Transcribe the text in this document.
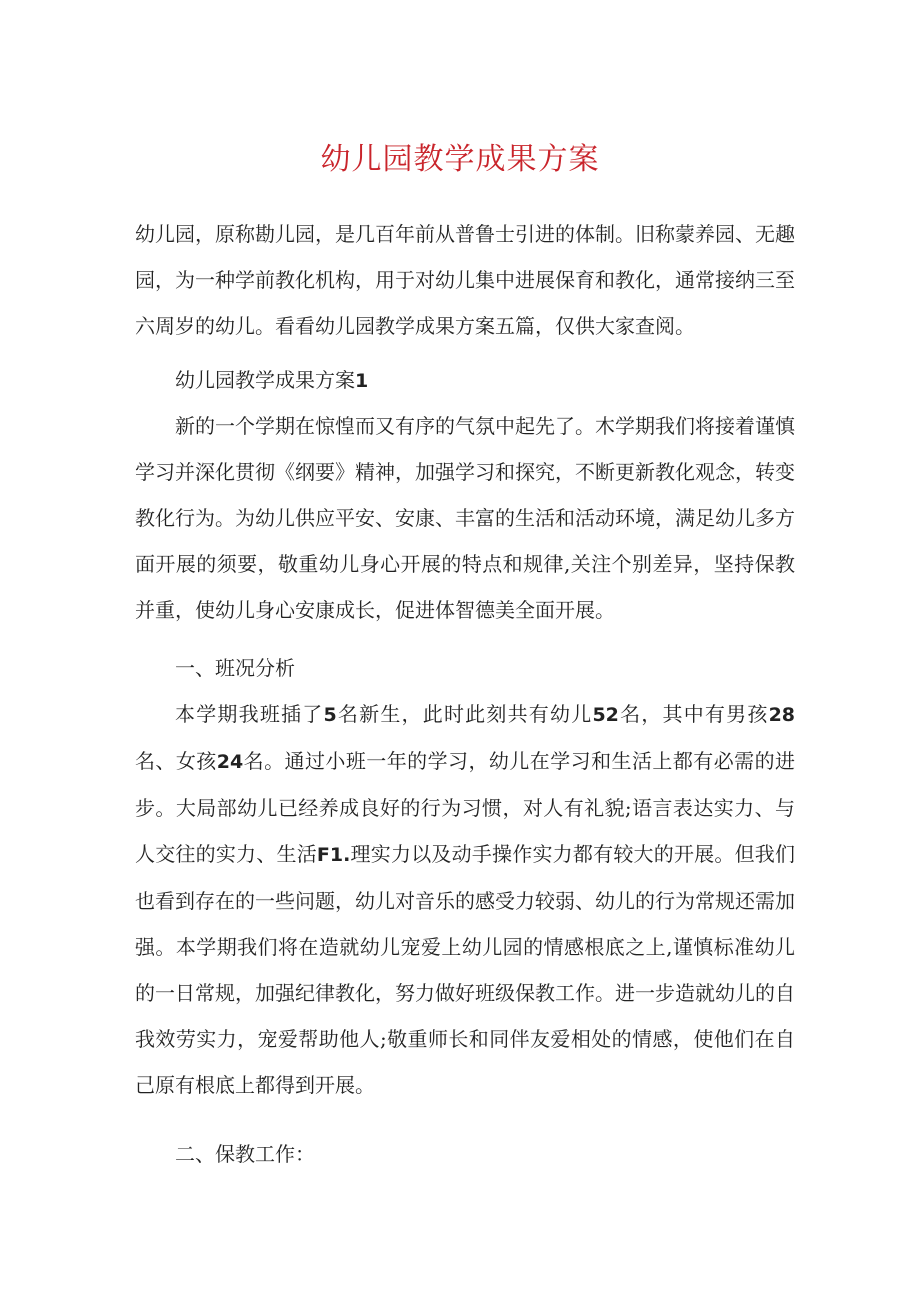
幼儿园教学成果方案

幼儿园，原称勘儿园，是几百年前从普鲁士引进的体制。旧称蒙养园、无趣园，为一种学前教化机构，用于对幼儿集中进展保育和教化，通常接纳三至六周岁的幼儿。看看幼儿园教学成果方案五篇，仅供大家查阅。

幼儿园教学成果方案1

新的一个学期在惊惶而又有序的气氛中起先了。木学期我们将接着谨慎学习并深化贯彻《纲要》精神，加强学习和探究，不断更新教化观念，转变教化行为。为幼儿供应平安、安康、丰富的生活和活动环境，满足幼儿多方面开展的须要，敬重幼儿身心开展的特点和规律,关注个别差异，坚持保教并重，使幼儿身心安康成长，促进体智德美全面开展。

一、班况分析

本学期我班插了5名新生，此时此刻共有幼儿52名，其中有男孩28名、女孩24名。通过小班一年的学习，幼儿在学习和生活上都有必需的进步。大局部幼儿已经养成良好的行为习惯，对人有礼貌;语言表达实力、与人交往的实力、生活F1.理实力以及动手操作实力都有较大的开展。但我们也看到存在的一些问题，幼儿对音乐的感受力较弱、幼儿的行为常规还需加强。本学期我们将在造就幼儿宠爱上幼儿园的情感根底之上,谨慎标准幼儿的一日常规，加强纪律教化，努力做好班级保教工作。进一步造就幼儿的自我效劳实力，宠爱帮助他人;敬重师长和同伴友爱相处的情感，使他们在自己原有根底上都得到开展。

二、保教工作：
